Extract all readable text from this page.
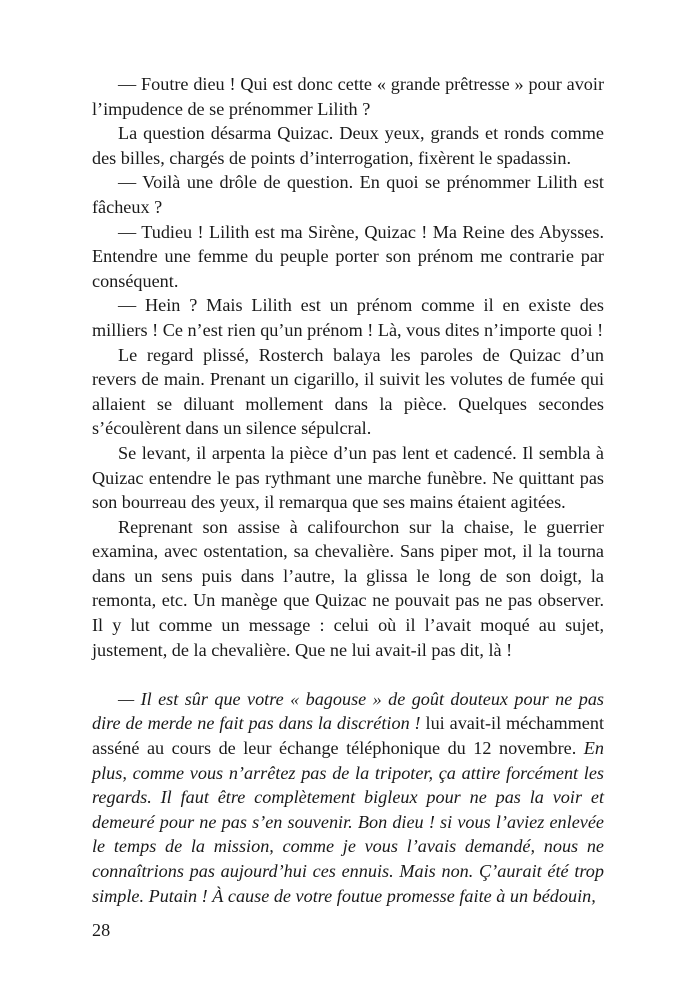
— Foutre dieu ! Qui est donc cette « grande prêtresse » pour avoir l’impudence de se prénommer Lilith ?

La question désarma Quizac. Deux yeux, grands et ronds comme des billes, chargés de points d’interrogation, fixèrent le spadassin.

— Voilà une drôle de question. En quoi se prénommer Lilith est fâcheux ?

— Tudieu ! Lilith est ma Sirène, Quizac ! Ma Reine des Abysses. Entendre une femme du peuple porter son prénom me contrarie par conséquent.

— Hein ? Mais Lilith est un prénom comme il en existe des milliers ! Ce n’est rien qu’un prénom ! Là, vous dites n’importe quoi !

Le regard plissé, Rosterch balaya les paroles de Quizac d’un revers de main. Prenant un cigarillo, il suivit les volutes de fumée qui allaient se diluant mollement dans la pièce. Quelques secondes s’écoulèrent dans un silence sépulcral.

Se levant, il arpenta la pièce d’un pas lent et cadencé. Il sembla à Quizac entendre le pas rythmant une marche funèbre. Ne quittant pas son bourreau des yeux, il remarqua que ses mains étaient agitées.

Reprenant son assise à califourchon sur la chaise, le guerrier examina, avec ostentation, sa chevalière. Sans piper mot, il la tourna dans un sens puis dans l’autre, la glissa le long de son doigt, la remonta, etc. Un manège que Quizac ne pouvait pas ne pas observer. Il y lut comme un message : celui où il l’avait moqué au sujet, justement, de la chevalière. Que ne lui avait-il pas dit, là !

— Il est sûr que votre « bagouse » de goût douteux pour ne pas dire de merde ne fait pas dans la discrétion ! lui avait-il méchamment asséné au cours de leur échange téléphonique du 12 novembre. En plus, comme vous n’arrêtez pas de la tripoter, ça attire forcément les regards. Il faut être complètement bigleux pour ne pas la voir et demeuré pour ne pas s’en souvenir. Bon dieu ! si vous l’aviez enlevée le temps de la mission, comme je vous l’avais demandé, nous ne connaîtrions pas aujourd’hui ces ennuis. Mais non. Ç’aurait été trop simple. Putain ! À cause de votre foutue promesse faite à un bédouin,

28
